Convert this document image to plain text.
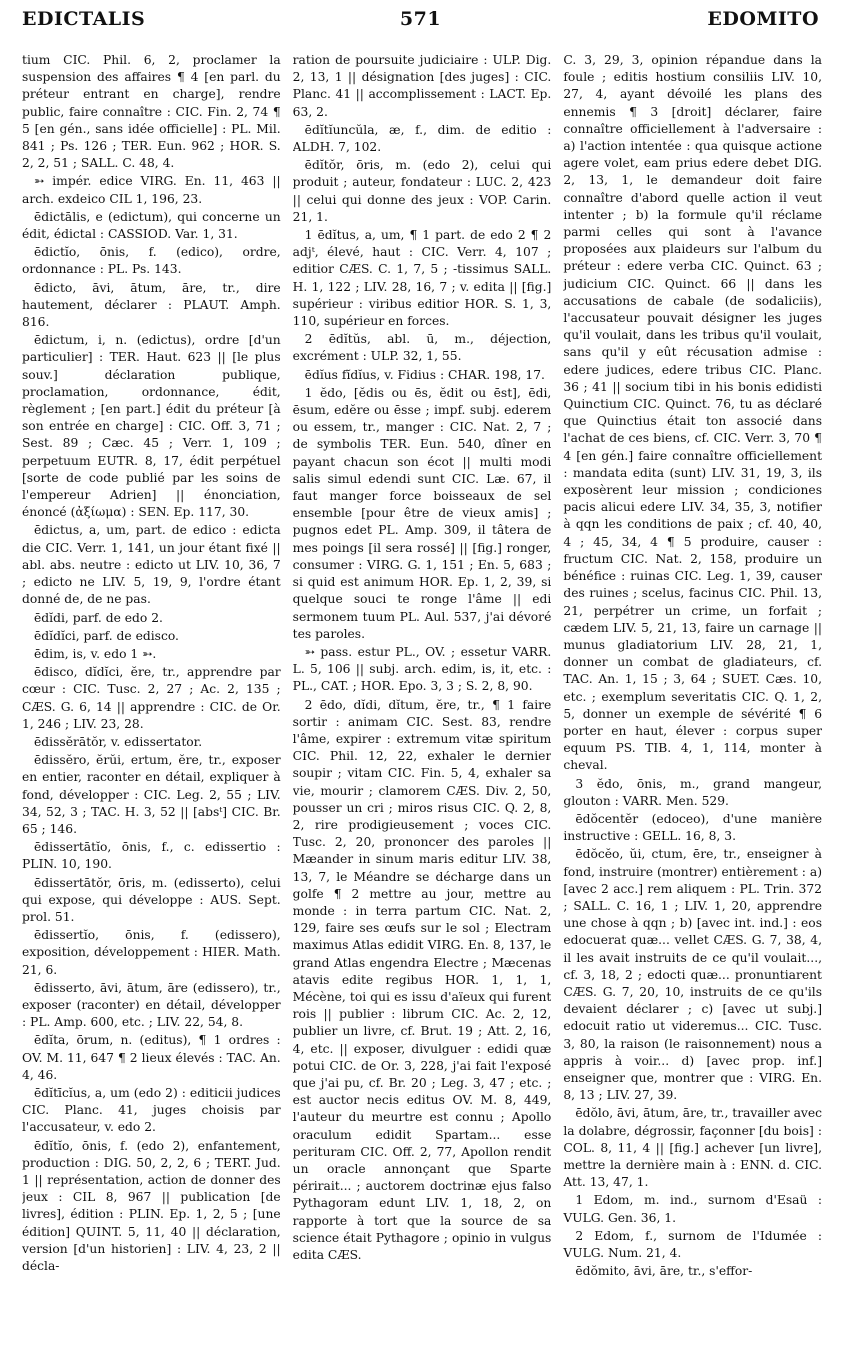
EDICTALIS	571	EDOMITO

tium CIC. Phil. 6, 2, proclamer la suspension des affaires ¶ 4 [en parl. du préteur entrant en charge], rendre public, faire connaître : CIC. Fin. 2, 74 ¶ 5 [en gén., sans idée officielle] : PL. Mil. 841 ; Ps. 126 ; TER. Eun. 962 ; HOR. S. 2, 2, 51 ; SALL. C. 48, 4.

➳ impér. edice VIRG. En. 11, 463 || arch. exdeico CIL 1, 196, 23.

ēdictālis, e (edictum), qui concerne un édit, édictal : CASSIOD. Var. 1, 31.

ēdictĭo, ōnis, f. (edico), ordre, ordonnance : PL. Ps. 143.

ēdicto, āvi, ātum, āre, tr., dire hautement, déclarer : PLAUT. Amph. 816.

ēdictum, i, n. (edictus), ordre [d'un particulier] : TER. Haut. 623 || [le plus souv.] déclaration publique, proclamation, ordonnance, édit, règlement ; [en part.] édit du préteur [à son entrée en charge] : CIC. Off. 3, 71 ; Sest. 89 ; Cæc. 45 ; Verr. 1, 109 ; perpetuum EUTR. 8, 17, édit perpétuel [sorte de code publié par les soins de l'empereur Adrien] || énonciation, énoncé (ἀξίωμα) : SEN. Ep. 117, 30.

ēdictus, a, um, part. de edico : edicta die CIC. Verr. 1, 141, un jour étant fixé || abl. abs. neutre : edicto ut LIV. 10, 36, 7 ; edicto ne LIV. 5, 19, 9, l'ordre étant donné de, de ne pas.

ēdĭdi, parf. de edo 2.

ēdĭdĭci, parf. de edisco.

ēdim, is, v. edo 1 ➳.

ēdisco, dĭdĭci, ĕre, tr., apprendre par cœur : CIC. Tusc. 2, 27 ; Ac. 2, 135 ; CÆS. G. 6, 14 || apprendre : CIC. de Or. 1, 246 ; LIV. 23, 28.

ēdissĕrātŏr, v. edissertator.

ēdissĕro, ĕrŭi, ertum, ĕre, tr., exposer en entier, raconter en détail, expliquer à fond, développer : CIC. Leg. 2, 55 ; LIV. 34, 52, 3 ; TAC. H. 3, 52 || [absᵗ] CIC. Br. 65 ; 146.

ēdissertātĭo, ōnis, f., c. edissertio : PLIN. 10, 190.

ēdissertātŏr, ōris, m. (edissertо), celui qui expose, qui développe : AUS. Sept. prol. 51.

ēdissertĭo, ōnis, f. (edissero), exposition, développement : HIER. Math. 21, 6.

ēdisserto, āvi, ātum, āre (edissero), tr., exposer (raconter) en détail, développer : PL. Amp. 600, etc. ; LIV. 22, 54, 8.

ēdĭta, ōrum, n. (editus), ¶ 1 ordres : OV. M. 11, 647 ¶ 2 lieux élevés : TAC. An. 4, 46.

ēdĭtīcĭus, a, um (edo 2) : editicii judices CIC. Planc. 41, juges choisis par l'accusateur, v. edo 2.

ēdĭtĭo, ōnis, f. (edo 2), enfantement, production : DIG. 50, 2, 2, 6 ; TERT. Jud. 1 || représentation, action de donner des jeux : CIL 8, 967 || publication [de livres], édition : PLIN. Ep. 1, 2, 5 ; [une édition] QUINT. 5, 11, 40 || déclaration, version [d'un historien] : LIV. 4, 23, 2 || décla-

ration de poursuite judiciaire : ULP. Dig. 2, 13, 1 || désignation [des juges] : CIC. Planc. 41 || accomplissement : LACT. Ep. 63, 2.

ēdĭtĭuncŭla, æ, f., dim. de editio : ALDH. 7, 102.

ēdĭtŏr, ōris, m. (edo 2), celui qui produit ; auteur, fondateur : LUC. 2, 423 || celui qui donne des jeux : VOP. Carin. 21, 1.

1 ēdĭtus, a, um, ¶ 1 part. de edo 2 ¶ 2 adjᵗ, élevé, haut : CIC. Verr. 4, 107 ; editior CÆS. C. 1, 7, 5 ; -tissimus SALL. H. 1, 122 ; LIV. 28, 16, 7 ; v. edita || [fig.] supérieur : viribus editior HOR. S. 1, 3, 110, supérieur en forces.

2 ēdĭtŭs, abl. ū, m., déjection, excrément : ULP. 32, 1, 55.

ēdĭus fĭdĭus, v. Fidius : CHAR. 198, 17.

1 ĕdo, [ĕdis ou ēs, ĕdit ou ēst], ēdi, ēsum, edĕre ou ēsse ; impf. subj. ederem ou essem, tr., manger : CIC. Nat. 2, 7 ; de symbolis TER. Eun. 540, dîner en payant chacun son écot || multi modi salis simul edendi sunt CIC. Læ. 67, il faut manger force boisseaux de sel ensemble [pour être de vieux amis] ; pugnos edet PL. Amp. 309, il tâtera de mes poings [il sera rossé] || [fig.] ronger, consumer : VIRG. G. 1, 151 ; En. 5, 683 ; si quid est animum HOR. Ep. 1, 2, 39, si quelque souci te ronge l'âme || edi sermonem tuum PL. Aul. 537, j'ai dévoré tes paroles.

➳ pass. estur PL., OV. ; essetur VARR. L. 5, 106 || subj. arch. edim, is, it, etc. : PL., CAT. ; HOR. Epo. 3, 3 ; S. 2, 8, 90.

2 ēdo, dĭdi, dĭtum, ĕre, tr., ¶ 1 faire sortir : animam CIC. Sest. 83, rendre l'âme, expirer : extremum vitæ spiritum CIC. Phil. 12, 22, exhaler le dernier soupir ; vitam CIC. Fin. 5, 4, exhaler sa vie, mourir ; clamorem CÆS. Div. 2, 50, pousser un cri ; miros risus CIC. Q. 2, 8, 2, rire prodigieusement ; voces CIC. Tusc. 2, 20, prononcer des paroles || Mæander in sinum maris editur LIV. 38, 13, 7, le Méandre se décharge dans un golfe ¶ 2 mettre au jour, mettre au monde : in terra partum CIC. Nat. 2, 129, faire ses œufs sur le sol ; Electram maximus Atlas edidit VIRG. En. 8, 137, le grand Atlas engendra Electre ; Mæcenas atavis edite regibus HOR. 1, 1, 1, Mécène, toi qui es issu d'aïeux qui furent rois || publier : librum CIC. Ac. 2, 12, publier un livre, cf. Brut. 19 ; Att. 2, 16, 4, etc. || exposer, divulguer : edidi quæ potui CIC. de Or. 3, 228, j'ai fait l'exposé que j'ai pu, cf. Br. 20 ; Leg. 3, 47 ; etc. ; est auctor necis editus OV. M. 8, 449, l'auteur du meurtre est connu ; Apollo oraculum edidit Spartam... esse perituram CIC. Off. 2, 77, Apollon rendit un oracle annonçant que Sparte périrait... ; auctorem doctrinæ ejus falso Pythagoram edunt LIV. 1, 18, 2, on rapporte à tort que la source de sa science était Pythagore ; opinio in vulgus edita CÆS.

C. 3, 29, 3, opinion répandue dans la foule ; editis hostium consiliis LIV. 10, 27, 4, ayant dévoilé les plans des ennemis ¶ 3 [droit] déclarer, faire connaître officiellement à l'adversaire : a) l'action intentée : qua quisque actione agere volet, eam prius edere debet DIG. 2, 13, 1, le demandeur doit faire connaître d'abord quelle action il veut intenter ; b) la formule qu'il réclame parmi celles qui sont à l'avance proposées aux plaideurs sur l'album du préteur : edere verba CIC. Quinct. 63 ; judicium CIC. Quinct. 66 || dans les accusations de cabale (de sodaliciis), l'accusateur pouvait désigner les juges qu'il voulait, dans les tribus qu'il voulait, sans qu'il y eût récusation admise : edere judices, edere tribus CIC. Planc. 36 ; 41 || socium tibi in his bonis edidisti Quinctium CIC. Quinct. 76, tu as déclaré que Quinctius était ton associé dans l'achat de ces biens, cf. CIC. Verr. 3, 70 ¶ 4 [en gén.] faire connaître officiellement : mandata edita (sunt) LIV. 31, 19, 3, ils exposèrent leur mission ; condiciones pacis alicui edere LIV. 34, 35, 3, notifier à qqn les conditions de paix ; cf. 40, 40, 4 ; 45, 34, 4 ¶ 5 produire, causer : fructum CIC. Nat. 2, 158, produire un bénéfice : ruinas CIC. Leg. 1, 39, causer des ruines ; scelus, facinus CIC. Phil. 13, 21, perpétrer un crime, un forfait ; cædem LIV. 5, 21, 13, faire un carnage || munus gladiatorium LIV. 28, 21, 1, donner un combat de gladiateurs, cf. TAC. An. 1, 15 ; 3, 64 ; SUET. Cæs. 10, etc. ; exemplum severitatis CIC. Q. 1, 2, 5, donner un exemple de sévérité ¶ 6 porter en haut, élever : corpus super equum PS. TIB. 4, 1, 114, monter à cheval.

3 ĕdo, ōnis, m., grand mangeur, glouton : VARR. Men. 529.

ēdŏcentĕr (edoceo), d'une manière instructive : GELL. 16, 8, 3.

ēdŏcĕo, ŭi, ctum, ēre, tr., enseigner à fond, instruire (montrer) entièrement : a) [avec 2 acc.] rem aliquem : PL. Trin. 372 ; SALL. C. 16, 1 ; LIV. 1, 20, apprendre une chose à qqn ; b) [avec int. ind.] : eos edocuerat quæ... vellet CÆS. G. 7, 38, 4, il les avait instruits de ce qu'il voulait..., cf. 3, 18, 2 ; edocti quæ... pronuntiarent CÆS. G. 7, 20, 10, instruits de ce qu'ils devaient déclarer ; c) [avec ut subj.] edocuit ratio ut videremus... CIC. Tusc. 3, 80, la raison (le raisonnement) nous a appris à voir... d) [avec prop. inf.] enseigner que, montrer que : VIRG. En. 8, 13 ; LIV. 27, 39.

ēdŏlo, āvi, ātum, āre, tr., travailler avec la dolabre, dégrossir, façonner [du bois] : COL. 8, 11, 4 || [fig.] achever [un livre], mettre la dernière main à : ENN. d. CIC. Att. 13, 47, 1.

1 Edom, m. ind., surnom d'Esaü : VULG. Gen. 36, 1.

2 Edom, f., surnom de l'Idumée : VULG. Num. 21, 4.

ēdŏmito, āvi, āre, tr., s'effor-
